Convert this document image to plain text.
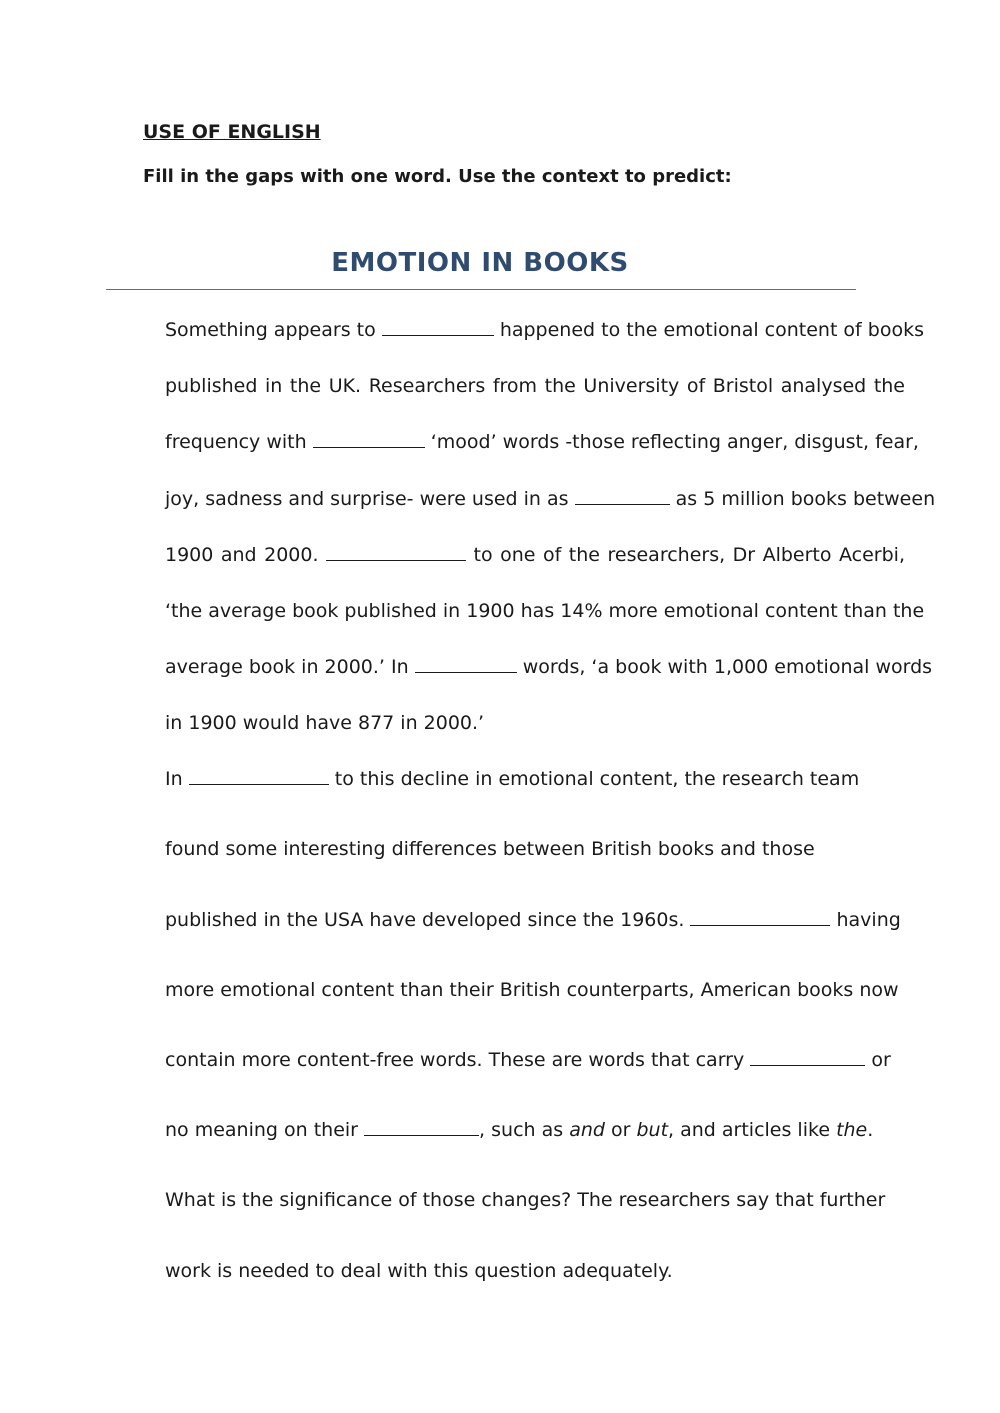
USE OF ENGLISH

Fill in the gaps with one word. Use the context to predict:

EMOTION IN BOOKS

Something appears to	happened to the emotional content of books

published in the UK. Researchers from the University of Bristol analysed the

frequency with	‘mood’ words -those reflecting anger, disgust, fear,

joy, sadness and surprise- were used in as	as 5 million books between

1900 and 2000.	to one of the researchers, Dr Alberto Acerbi,

‘the average book published in 1900 has 14% more emotional content than the

average book in 2000.’ In	words, ‘a book with 1,000 emotional words

in 1900 would have 877 in 2000.’

In	to this decline in emotional content, the research team

found some interesting differences between British books and those

published in the USA have developed since the 1960s.	having

more emotional content than their British counterparts, American books now

contain more content-free words. These are words that carry	or

no meaning on their	, such as and or but, and articles like the.

What is the significance of those changes? The researchers say that further

work is needed to deal with this question adequately.
